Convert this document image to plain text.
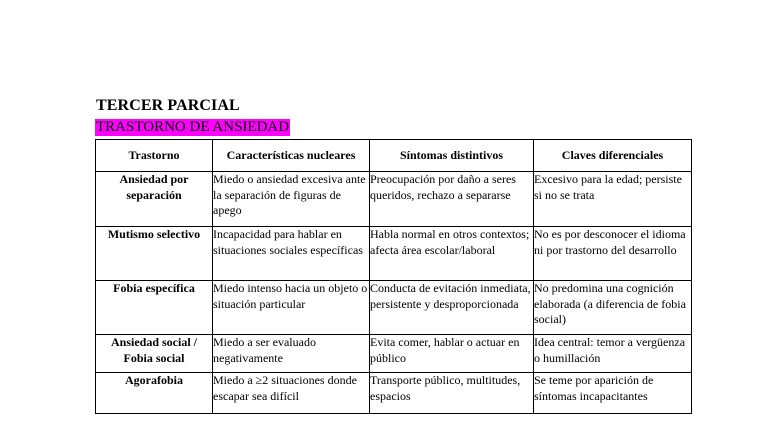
TERCER PARCIAL
TRASTORNO DE ANSIEDAD
Trastorno	Características nucleares	Síntomas distintivos	Claves diferenciales
Ansiedad por separación	Miedo o ansiedad excesiva ante la separación de figuras de apego	Preocupación por daño a seres queridos, rechazo a separarse	Excesivo para la edad; persiste si no se trata
Mutismo selectivo	Incapacidad para hablar en situaciones sociales específicas	Habla normal en otros contextos; afecta área escolar/laboral	No es por desconocer el idioma ni por trastorno del desarrollo
Fobia específica	Miedo intenso hacia un objeto o situación particular	Conducta de evitación inmediata, persistente y desproporcionada	No predomina una cognición elaborada (a diferencia de fobia social)
Ansiedad social / Fobia social	Miedo a ser evaluado negativamente	Evita comer, hablar o actuar en público	Idea central: temor a vergüenza o humillación
Agorafobia	Miedo a ≥2 situaciones donde escapar sea difícil	Transporte público, multitudes, espacios	Se teme por aparición de síntomas incapacitantes
